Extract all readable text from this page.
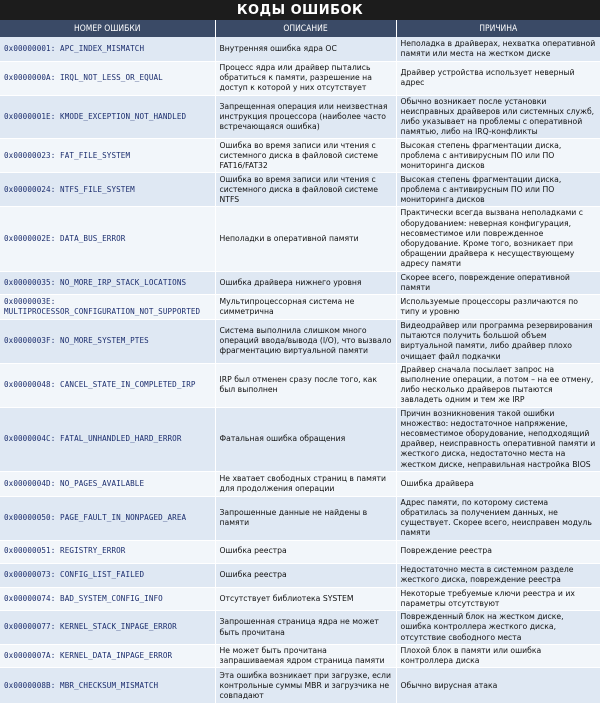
КОДЫ ОШИБОК
НОМЕР ОШИБКИ	ОПИСАНИЕ	ПРИЧИНА
0x00000001: APC_INDEX_MISMATCH	Внутренняя ошибка ядра ОС	Неполадка в драйверах, нехватка оперативной памяти или места на жестком диске
0x0000000A: IRQL_NOT_LESS_OR_EQUAL	Процесс ядра или драйвер пытались обратиться к памяти, разрешение на доступ к которой у них отсутствует	Драйвер устройства использует неверный адрес
0x0000001E: KMODE_EXCEPTION_NOT_HANDLED	Запрещенная операция или неизвестная инструкция процессора (наиболее часто встречающаяся ошибка)	Обычно возникает после установки неисправных драйверов или системных служб, либо указывает на проблемы с оперативной памятью, либо на IRQ-конфликты
0x00000023: FAT_FILE_SYSTEM	Ошибка во время записи или чтения с системного диска в файловой системе FAT16/FAT32	Высокая степень фрагментации диска, проблема с антивирусным ПО или ПО мониторинга дисков
0x00000024: NTFS_FILE_SYSTEM	Ошибка во время записи или чтения с системного диска в файловой системе NTFS	Высокая степень фрагментации диска, проблема с антивирусным ПО или ПО мониторинга дисков
0x0000002E: DATA_BUS_ERROR	Неполадки в оперативной памяти	Практически всегда вызвана неполадками с оборудованием: неверная конфигурация, несовместимое или поврежденное оборудование. Кроме того, возникает при обращении драйвера к несуществующему адресу памяти
0x00000035: NO_MORE_IRP_STACK_LOCATIONS	Ошибка драйвера нижнего уровня	Скорее всего, повреждение оперативной памяти
0x0000003E: MULTIPROCESSOR_CONFIGURATION_NOT_SUPPORTED	Мультипроцессорная система не симметрична	Используемые процессоры различаются по типу и уровню
0x0000003F: NO_MORE_SYSTEM_PTES	Система выполнила слишком много операций ввода/вывода (I/O), что вызвало фрагментацию виртуальной памяти	Видеодрайвер или программа резервирования пытаются получить большой объем виртуальной памяти, либо драйвер плохо очищает файл подкачки
0x00000048: CANCEL_STATE_IN_COMPLETED_IRP	IRP был отменен сразу после того, как был выполнен	Драйвер сначала посылает запрос на выполнение операции, а потом – на ее отмену, либо несколько драйверов пытаются завладеть одним и тем же IRP
0x0000004C: FATAL_UNHANDLED_HARD_ERROR	Фатальная ошибка обращения	Причин возникновения такой ошибки множество: недостаточное напряжение, несовместимое оборудование, неподходящий драйвер, неисправность оперативной памяти и жесткого диска, недостаточно места на жестком диске, неправильная настройка BIOS
0x0000004D: NO_PAGES_AVAILABLE	Не хватает свободных страниц в памяти для продолжения операции	Ошибка драйвера
0x00000050: PAGE_FAULT_IN_NONPAGED_AREA	Запрошенные данные не найдены в памяти	Адрес памяти, по которому система обратилась за получением данных, не существует. Скорее всего, неисправен модуль памяти
0x00000051: REGISTRY_ERROR	Ошибка реестра	Повреждение реестра
0x00000073: CONFIG_LIST_FAILED	Ошибка реестра	Недостаточно места в системном разделе жесткого диска, повреждение реестра
0x00000074: BAD_SYSTEM_CONFIG_INFO	Отсутствует библиотека SYSTEM	Некоторые требуемые ключи реестра и их параметры отсутствуют
0x00000077: KERNEL_STACK_INPAGE_ERROR	Запрошенная страница ядра не может быть прочитана	Поврежденный блок на жестком диске, ошибка контроллера жесткого диска, отсутствие свободного места
0x0000007A: KERNEL_DATA_INPAGE_ERROR	Не может быть прочитана запрашиваемая ядром страница памяти	Плохой блок в памяти или ошибка контроллера диска
0x0000008B: MBR_CHECKSUM_MISMATCH	Эта ошибка возникает при загрузке, если контрольные суммы MBR и загрузчика не совпадают	Обычно вирусная атака
